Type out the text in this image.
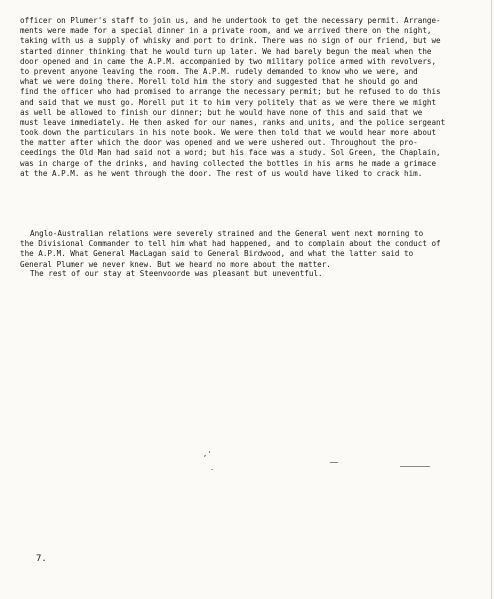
officer on Plumer's staff to join us, and he undertook to get the necessary permit. Arrange-
ments were made for a special dinner in a private room, and we arrived there on the night,
taking with us a supply of whisky and port to drink. There was no sign of our friend, but we
started dinner thinking that he would turn up later. We had barely begun the meal when the
door opened and in came the A.P.M. accompanied by two military police armed with revolvers,
to prevent anyone leaving the room. The A.P.M. rudely demanded to know who we were, and
what we were doing there. Morell told him the story and suggested that he should go and
find the officer who had promised to arrange the necessary permit; but he refused to do this
and said that we must go. Morell put it to him very politely that as we were there we might
as well be allowed to finish our dinner; but he would have none of this and said that we
must leave immediately. He then asked for our names, ranks and units, and the police sergeant
took down the particulars in his note book. We were then told that we would hear more about
the matter after which the door was opened and we were ushered out. Throughout the pro-
ceedings the Old Man had said not a word; but his face was a study. Sol Green, the Chaplain,
was in charge of the drinks, and having collected the bottles in his arms he made a grimace
at the A.P.M. as he went through the door. The rest of us would have liked to crack him.
Anglo-Australian relations were severely strained and the General went next morning to
the Divisional Commander to tell him what had happened, and to complain about the conduct of
the A.P.M. What General MacLagan said to General Birdwood, and what the latter said to
General Plumer we never knew. But we heard no more about the matter.
The rest of our stay at Steenvoorde was pleasant but uneventful.
,'
·
7.
